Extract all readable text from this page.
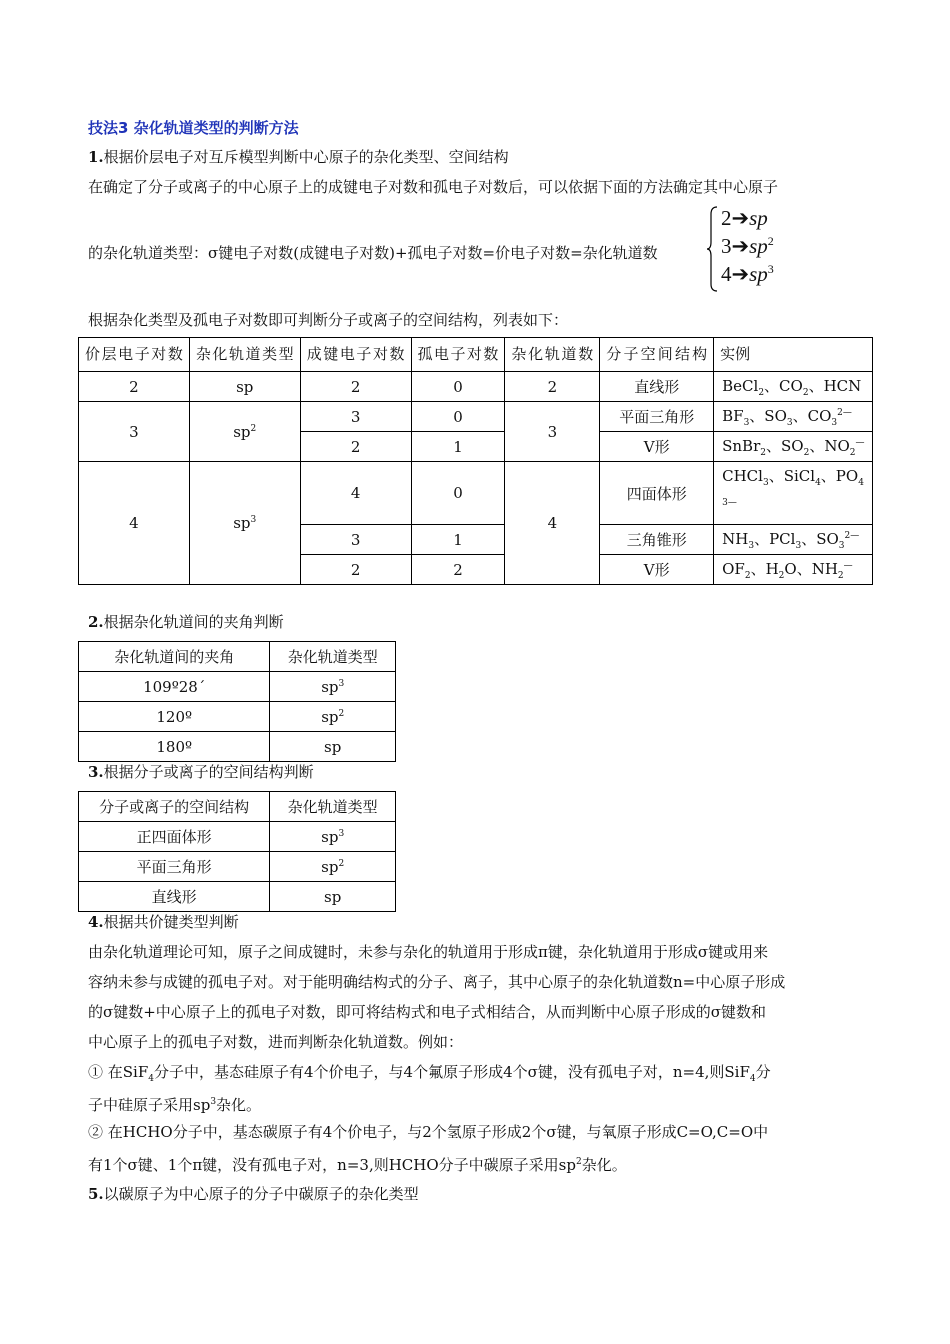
技法3 杂化轨道类型的判断方法
1.根据价层电子对互斥模型判断中心原子的杂化类型、空间结构
在确定了分子或离子的中心原子上的成键电子对数和孤电子对数后，可以依据下面的方法确定其中心原子
的杂化轨道类型：σ键电子对数(成键电子对数)+孤电子对数=价电子对数=杂化轨道数
2➔sp
$3➔sp^2$
$4➔sp^3$
根据杂化类型及孤电子对数即可判断分子或离子的空间结构，列表如下：
价层电子对数	杂化轨道类型	成键电子对数	孤电子对数	杂化轨道数	分子空间结构	实例
2	sp	2	0	2	直线形	BeCl$_2$、$CO_2$、HCN
3	$sp^2$	3	0	3	平面三角形	$BF_3$、$SO_3$、$CO_3^{2—}$
		2	1		V形	SnBr$_2$、$SO_2$、$NO_2^—$
4	$sp^3$	4	0	4	四面体形	CHCl$_3$、SiCl$_4$、$PO_4$
$^{3—}$
		3	1		三角锥形	$NH_3$、PCl$_3$、$SO_3^{2—}$
		2	2		V形	$OF_2$、$H_2O$、$NH_2^—$
2.根据杂化轨道间的夹角判断
杂化轨道间的夹角	杂化轨道类型
109º28´	$sp^3$
120º	$sp^2$
180º	sp
3.根据分子或离子的空间结构判断
分子或离子的空间结构	杂化轨道类型
正四面体形	$sp^3$
平面三角形	$sp^2$
直线形	sp
4.根据共价键类型判断
由杂化轨道理论可知，原子之间成键时，未参与杂化的轨道用于形成π键，杂化轨道用于形成σ键或用来
容纳未参与成键的孤电子对。对于能明确结构式的分子、离子，其中心原子的杂化轨道数n=中心原子形成
的σ键数+中心原子上的孤电子对数，即可将结构式和电子式相结合，从而判断中心原子形成的σ键数和
中心原子上的孤电子对数，进而判断杂化轨道数。例如：
① 在SiF$_4$分子中，基态硅原子有4个价电子，与4个氟原子形成4个σ键，没有孤电子对，n=4,则SiF$_4$分
子中硅原子采用$sp^3$杂化。
② 在HCHO分子中，基态碳原子有4个价电子，与2个氢原子形成2个σ键，与氧原子形成C=O,C=O中
有1个σ键、1个π键，没有孤电子对，n=3,则HCHO分子中碳原子采用$sp^2$杂化。
5.以碳原子为中心原子的分子中碳原子的杂化类型
